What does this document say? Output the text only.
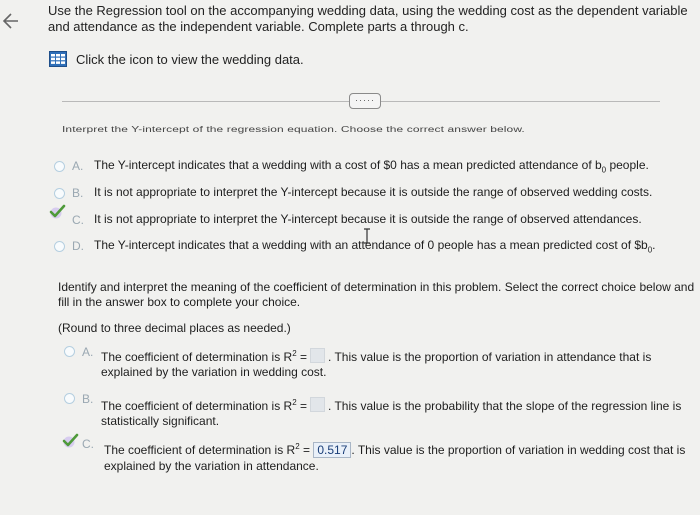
Use the Regression tool on the accompanying wedding data, using the wedding cost as the dependent variable and attendance as the independent variable. Complete parts a through c.
Click the icon to view the wedding data.
·····
Interpret the Y-intercept of the regression equation. Choose the correct answer below.
A. The Y-intercept indicates that a wedding with a cost of $0 has a mean predicted attendance of $b_0$ people.
B. It is not appropriate to interpret the Y-intercept because it is outside the range of observed wedding costs.
C. It is not appropriate to interpret the Y-intercept because it is outside the range of observed attendances.
D. The Y-intercept indicates that a wedding with an attendance of 0 people has a mean predicted cost of $\$b_0$.
Identify and interpret the meaning of the coefficient of determination in this problem. Select the correct choice below and
fill in the answer box to complete your choice.
(Round to three decimal places as needed.)
A. The coefficient of determination is $R^2$ = . This value is the proportion of variation in attendance that is
explained by the variation in wedding cost.
B. The coefficient of determination is $R^2$ = . This value is the probability that the slope of the regression line is
statistically significant.
C. The coefficient of determination is $R^2 = 0.517$ . This value is the proportion of variation in wedding cost that is
explained by the variation in attendance.
